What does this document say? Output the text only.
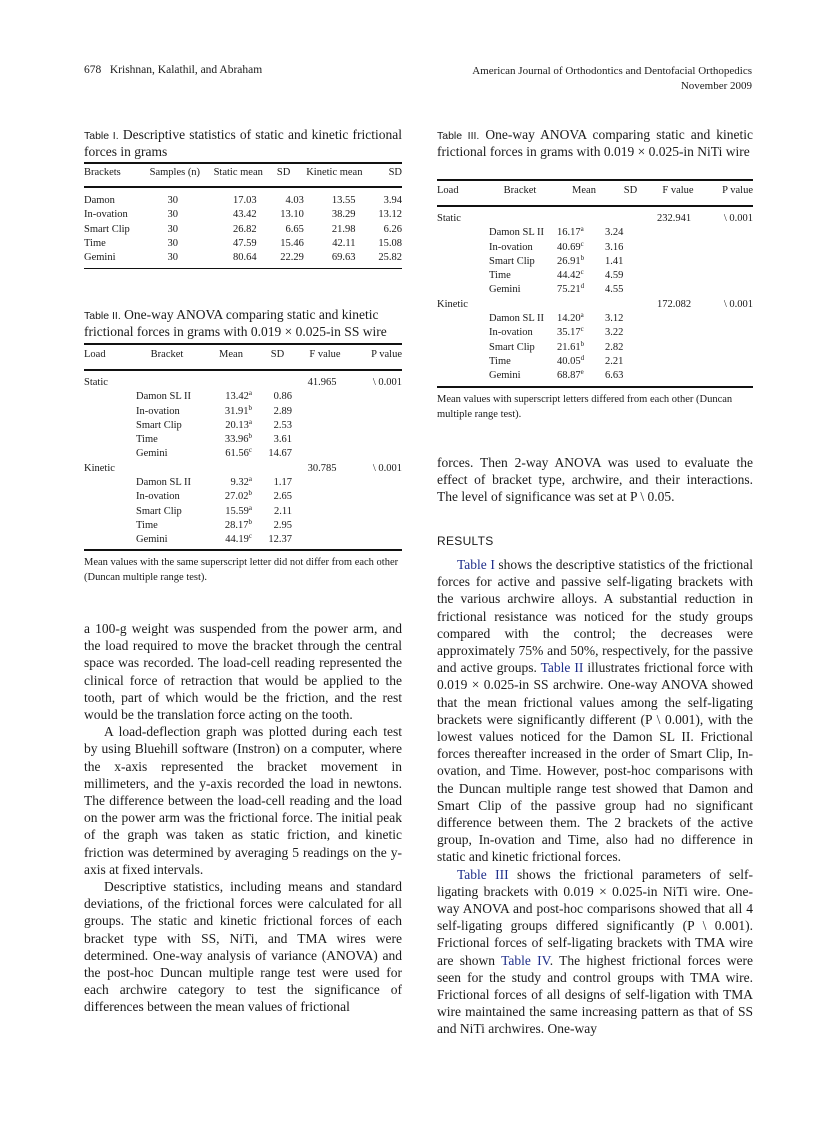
678 Krishnan, Kalathil, and Abraham	American Journal of Orthodontics and Dentofacial Orthopedics
November 2009
Table I. Descriptive statistics of static and kinetic frictional forces in grams
Brackets	Samples (n)	Static mean	SD	Kinetic mean	SD
Damon	30	17.03	4.03	13.55	3.94
In-ovation	30	43.42	13.10	38.29	13.12
Smart Clip	30	26.82	6.65	21.98	6.26
Time	30	47.59	15.46	42.11	15.08
Gemini	30	80.64	22.29	69.63	25.82
Table II. One-way ANOVA comparing static and kinetic frictional forces in grams with 0.019 × 0.025-in SS wire
Load	Bracket	Mean	SD	F value	P value
Static				41.965	\ 0.001
	Damon SL II	13.42$^a$	0.86		
	In-ovation	31.91$^b$	2.89		
	Smart Clip	20.13$^a$	2.53		
	Time	33.96$^b$	3.61		
	Gemini	61.56$^c$	14.67		
Kinetic				30.785	\ 0.001
	Damon SL II	9.32$^a$	1.17		
	In-ovation	27.02$^b$	2.65		
	Smart Clip	15.59$^a$	2.11		
	Time	28.17$^b$	2.95		
	Gemini	44.19$^c$	12.37		
Mean values with the same superscript letter did not differ from each other (Duncan multiple range test).

a 100-g weight was suspended from the power arm, and the load required to move the bracket through the central space was recorded. The load-cell reading represented the clinical force of retraction that would be applied to the tooth, part of which would be the friction, and the rest would be the translation force acting on the tooth.

A load-deflection graph was plotted during each test by using Bluehill software (Instron) on a computer, where the x-axis represented the bracket movement in millimeters, and the y-axis recorded the load in newtons. The difference between the load-cell reading and the load on the power arm was the frictional force. The initial peak of the graph was taken as static friction, and kinetic friction was determined by averaging 5 readings on the y-axis at fixed intervals.

Descriptive statistics, including means and standard deviations, of the frictional forces were calculated for all groups. The static and kinetic frictional forces of each bracket type with SS, NiTi, and TMA wires were determined. One-way analysis of variance (ANOVA) and the post-hoc Duncan multiple range test were used for each archwire category to test the significance of differences between the mean values of frictional

Table III. One-way ANOVA comparing static and kinetic frictional forces in grams with 0.019 × 0.025-in NiTi wire
Load	Bracket	Mean	SD	F value	P value
Static				232.941	\ 0.001
	Damon SL II	16.17$^a$	3.24		
	In-ovation	40.69$^c$	3.16		
	Smart Clip	26.91$^b$	1.41		
	Time	44.42$^c$	4.59		
	Gemini	75.21$^d$	4.55		
Kinetic				172.082	\ 0.001
	Damon SL II	14.20$^a$	3.12		
	In-ovation	35.17$^c$	3.22		
	Smart Clip	21.61$^b$	2.82		
	Time	40.05$^d$	2.21		
	Gemini	68.87e	6.63		
Mean values with superscript letters differed from each other (Duncan multiple range test).

forces. Then 2-way ANOVA was used to evaluate the effect of bracket type, archwire, and their interactions. The level of significance was set at P \ 0.05.

RESULTS

Table I shows the descriptive statistics of the frictional forces for active and passive self-ligating brackets with the various archwire alloys. A substantial reduction in frictional resistance was noticed for the study groups compared with the control; the decreases were approximately 75% and 50%, respectively, for the passive and active groups. Table II illustrates frictional force with 0.019 × 0.025-in SS archwire. One-way ANOVA showed that the mean frictional values among the self-ligating brackets were significantly different (P \ 0.001), with the lowest values noticed for the Damon SL II. Frictional forces thereafter increased in the order of Smart Clip, In-ovation, and Time. However, post-hoc comparisons with the Duncan multiple range test showed that Damon and Smart Clip of the passive group had no significant difference between them. The 2 brackets of the active group, In-ovation and Time, also had no difference in static and kinetic frictional forces.

Table III shows the frictional parameters of self-ligating brackets with 0.019 × 0.025-in NiTi wire. One-way ANOVA and post-hoc comparisons showed that all 4 self-ligating groups differed significantly (P \ 0.001). Frictional forces of self-ligating brackets with TMA wire are shown Table IV. The highest frictional forces were seen for the study and control groups with TMA wire. Frictional forces of all designs of self-ligation with TMA wire maintained the same increasing pattern as that of SS and NiTi archwires. One-way
